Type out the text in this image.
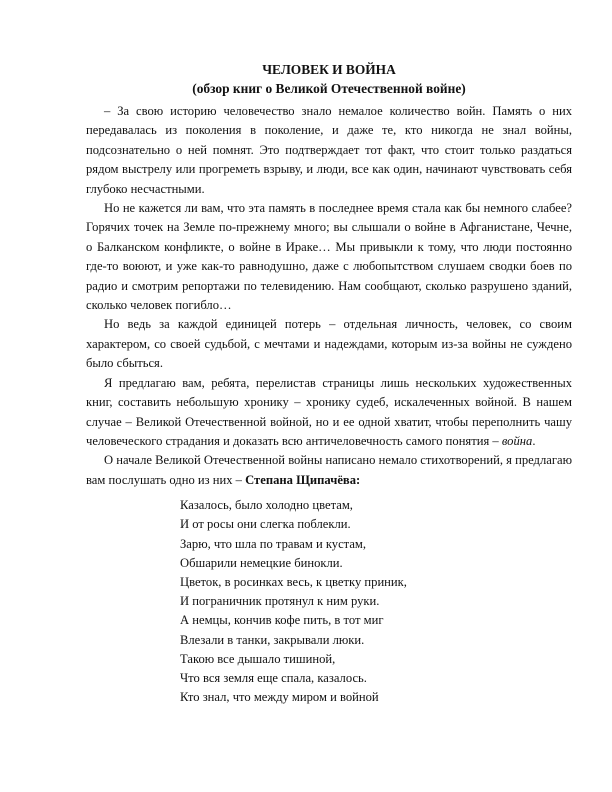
ЧЕЛОВЕК И ВОЙНА

(обзор книг о Великой Отечественной войне)

– За свою историю человечество знало немалое количество войн. Память о них передавалась из поколения в поколение, и даже те, кто никогда не знал войны, подсознательно о ней помнят. Это подтверждает тот факт, что стоит только раздаться рядом выстрелу или прогреметь взрыву, и люди, все как один, начинают чувствовать себя глубоко несчастными.

Но не кажется ли вам, что эта память в последнее время стала как бы немного слабее? Горячих точек на Земле по-прежнему много; вы слышали о войне в Афганистане, Чечне, о Балканском конфликте, о войне в Ираке… Мы привыкли к тому, что люди постоянно где-то воюют, и уже как-то равнодушно, даже с любопытством слушаем сводки боев по радио и смотрим репортажи по телевидению. Нам сообщают, сколько разрушено зданий, сколько человек погибло…

Но ведь за каждой единицей потерь – отдельная личность, человек, со своим характером, со своей судьбой, с мечтами и надеждами, которым из-за войны не суждено было сбыться.

Я предлагаю вам, ребята, перелистав страницы лишь нескольких художественных книг, составить небольшую хронику – хронику судеб, искалеченных войной. В нашем случае – Великой Отечественной войной, но и ее одной хватит, чтобы переполнить чашу человеческого страдания и доказать всю античеловечность самого понятия – война.

О начале Великой Отечественной войны написано немало стихотворений, я предлагаю вам послушать одно из них – Степана Щипачёва:

Казалось, было холодно цветам,
И от росы они слегка поблекли.
Зарю, что шла по травам и кустам,
Обшарили немецкие бинокли.
Цветок, в росинках весь, к цветку приник,
И пограничник протянул к ним руки.
А немцы, кончив кофе пить, в тот миг
Влезали в танки, закрывали люки.
Такою все дышало тишиной,
Что вся земля еще спала, казалось.
Кто знал, что между миром и войной
